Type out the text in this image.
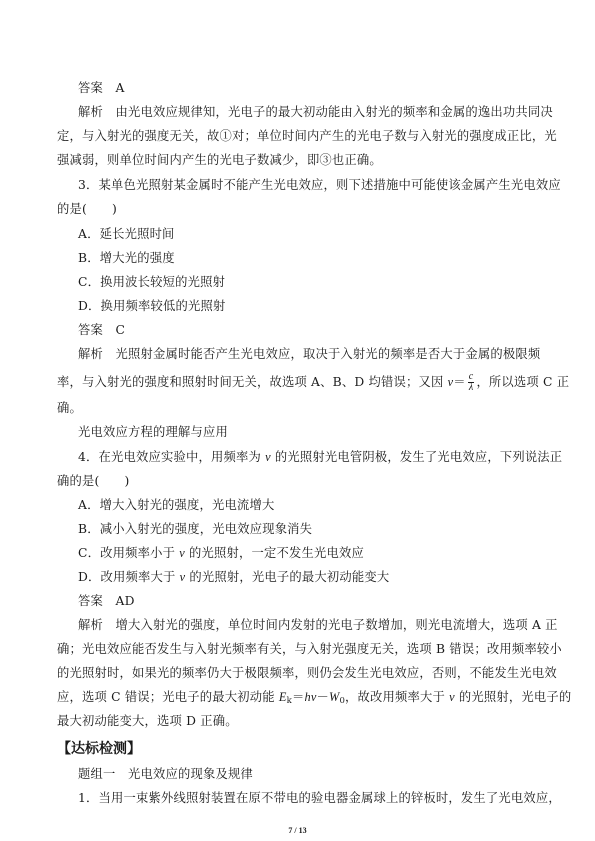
答案　A
解析　由光电效应规律知，光电子的最大初动能由入射光的频率和金属的逸出功共同决
定，与入射光的强度无关，故①对；单位时间内产生的光电子数与入射光的强度成正比，光
强减弱，则单位时间内产生的光电子数减少，即③也正确。
3．某单色光照射某金属时不能产生光电效应，则下述措施中可能使该金属产生光电效应
的是(　　)
A．延长光照时间
B．增大光的强度
C．换用波长较短的光照射
D．换用频率较低的光照射
答案　C
解析　光照射金属时能否产生光电效应，取决于入射光的频率是否大于金属的极限频
率，与入射光的强度和照射时间无关，故选项 A、B、D 均错误；又因 $\nu= \frac{c}{\lambda}$ ，所以选项 C 正
确。
光电效应方程的理解与应用
4．在光电效应实验中，用频率为 ν 的光照射光电管阴极，发生了光电效应，下列说法正
确的是(　　)
A．增大入射光的强度，光电流增大
B．减小入射光的强度，光电效应现象消失
C．改用频率小于 ν 的光照射，一定不发生光电效应
D．改用频率大于 ν 的光照射，光电子的最大初动能变大
答案　AD
解析　增大入射光的强度，单位时间内发射的光电子数增加，则光电流增大，选项 A 正
确；光电效应能否发生与入射光频率有关，与入射光强度无关，选项 B 错误；改用频率较小
的光照射时，如果光的频率仍大于极限频率，则仍会发生光电效应，否则，不能发生光电效
应，选项 C 错误；光电子的最大初动能 $E_k=h\nu-W_0$，故改用频率大于 ν 的光照射，光电子的
最大初动能变大，选项 D 正确。
【达标检测】
题组一　光电效应的现象及规律
1．当用一束紫外线照射装置在原不带电的验电器金属球上的锌板时，发生了光电效应，
7 / 13
